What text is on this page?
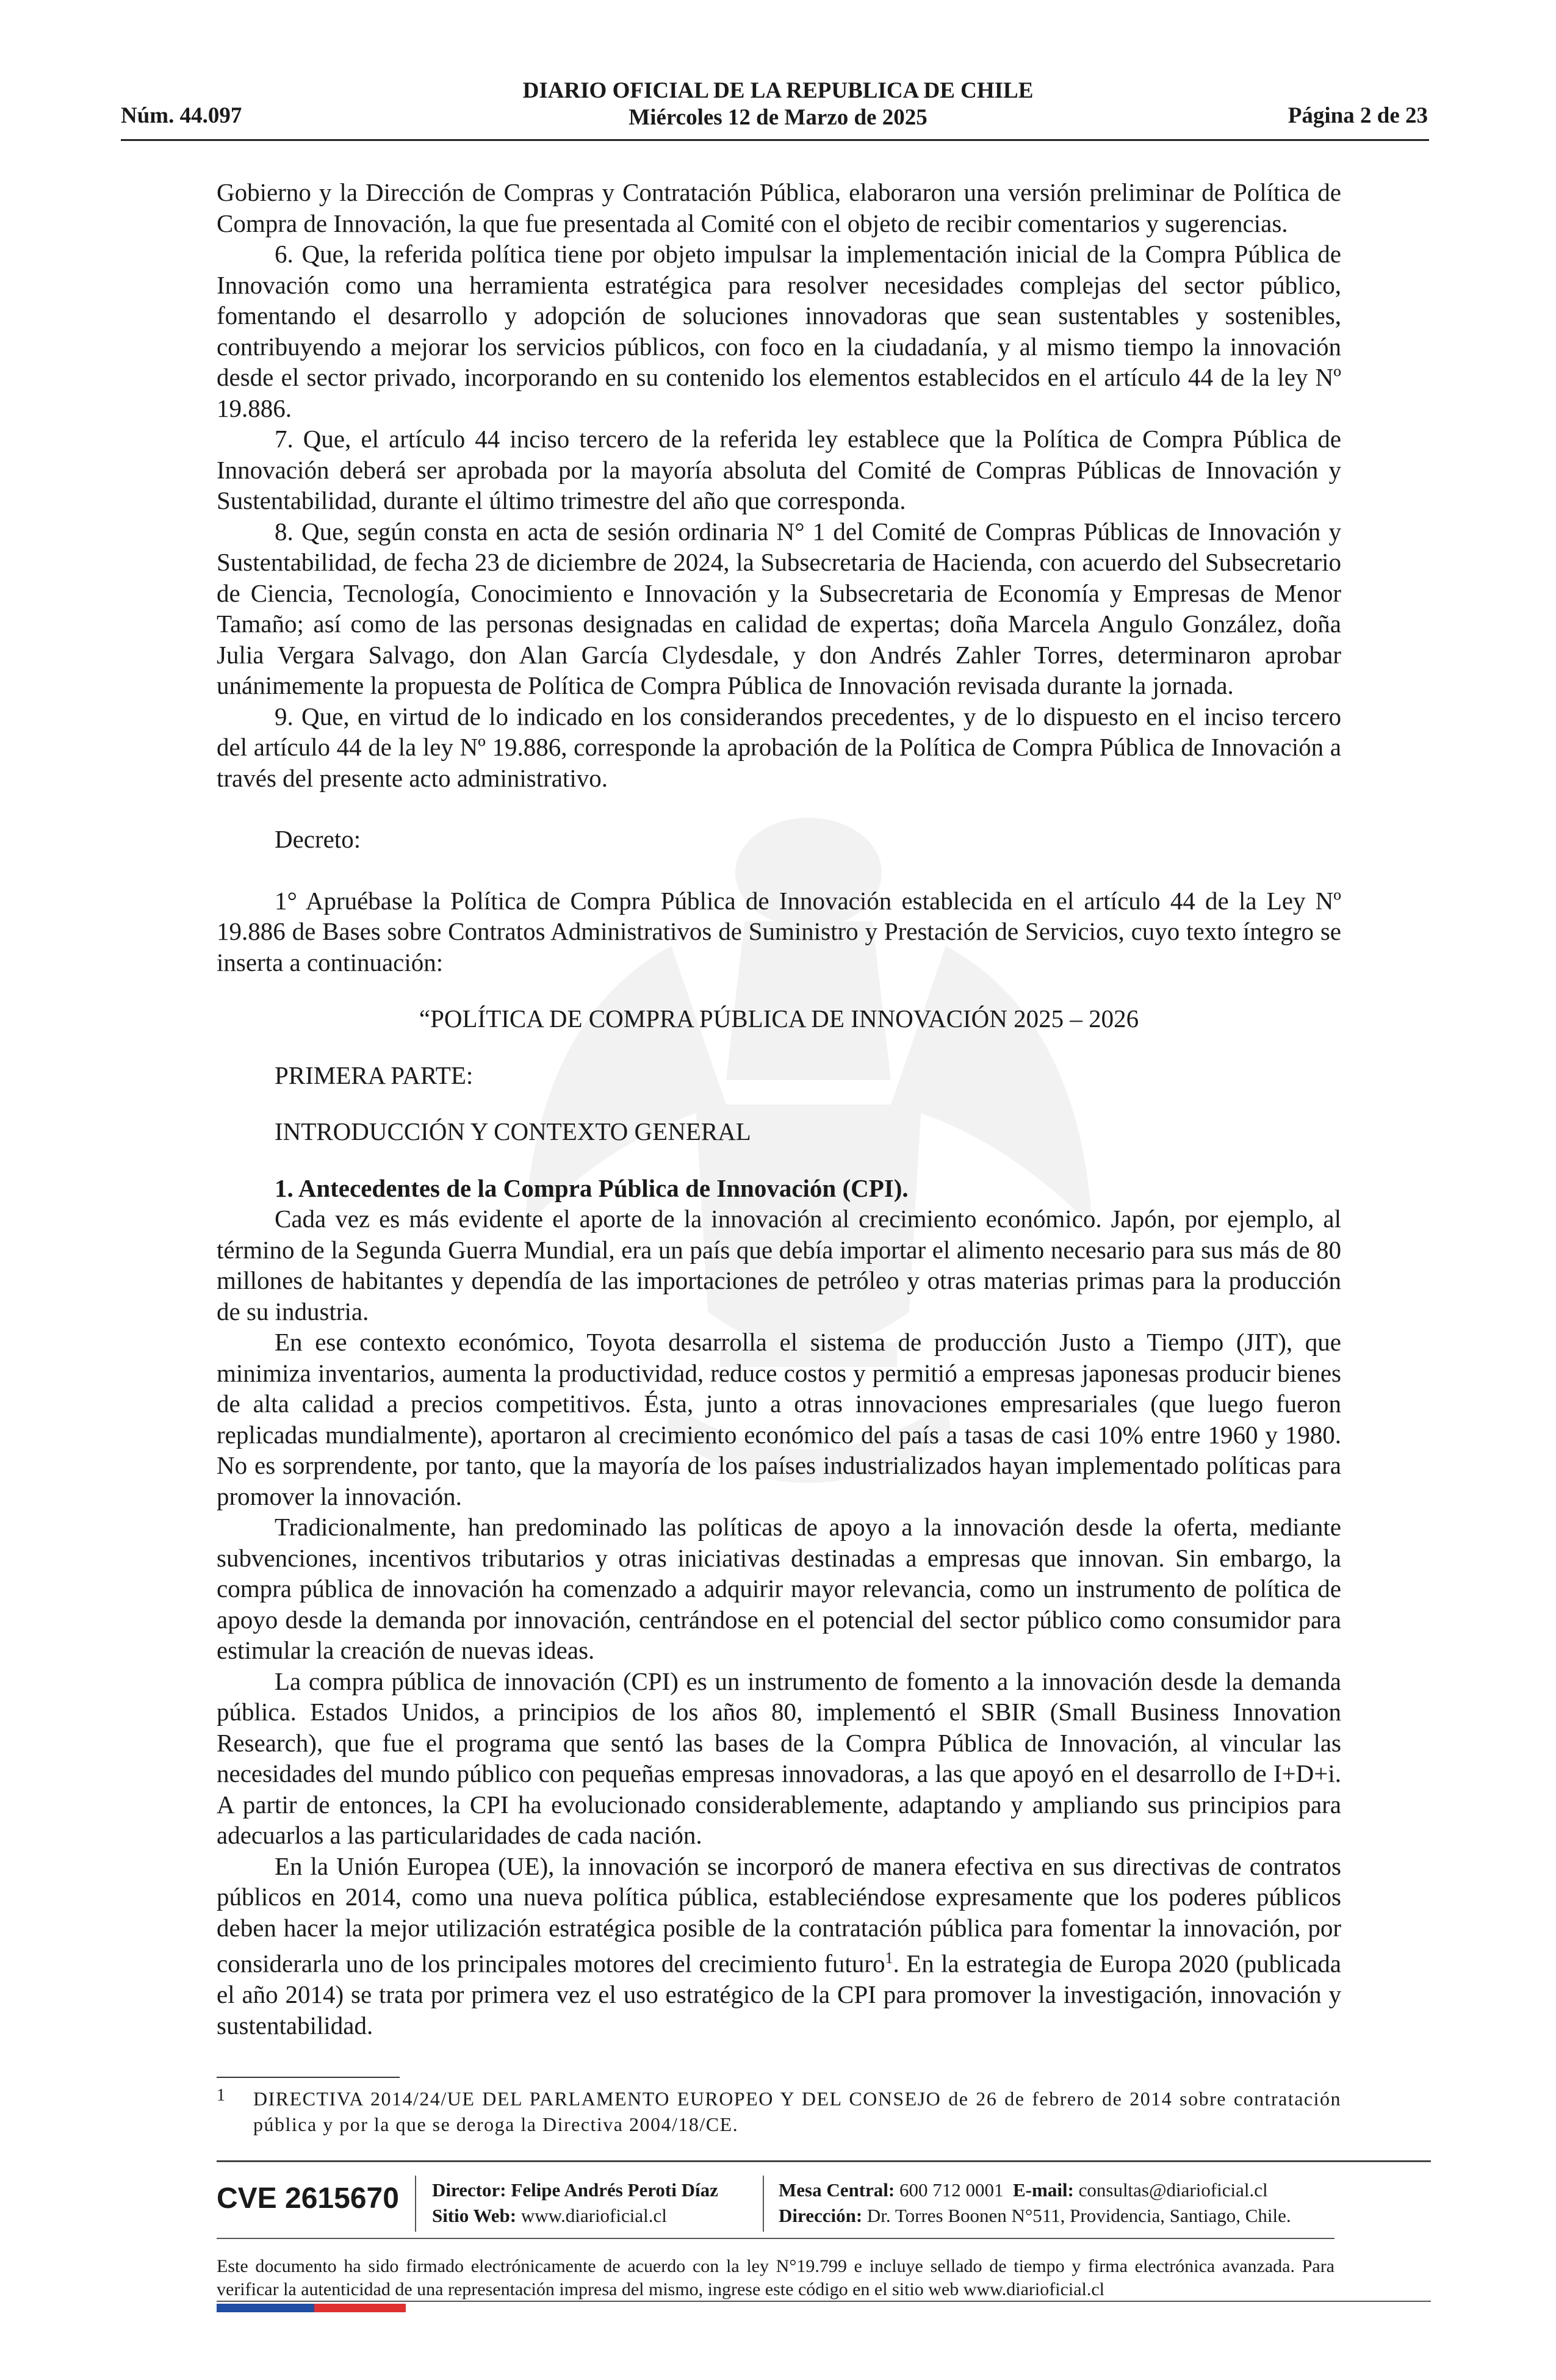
Núm. 44.097
DIARIO OFICIAL DE LA REPUBLICA DE CHILE
Miércoles 12 de Marzo de 2025	Página 2 de 23

Gobierno y la Dirección de Compras y Contratación Pública, elaboraron una versión preliminar de Política de Compra de Innovación, la que fue presentada al Comité con el objeto de recibir comentarios y sugerencias.

6. Que, la referida política tiene por objeto impulsar la implementación inicial de la Compra Pública de Innovación como una herramienta estratégica para resolver necesidades complejas del sector público, fomentando el desarrollo y adopción de soluciones innovadoras que sean sustentables y sostenibles, contribuyendo a mejorar los servicios públicos, con foco en la ciudadanía, y al mismo tiempo la innovación desde el sector privado, incorporando en su contenido los elementos establecidos en el artículo 44 de la ley Nº 19.886.

7. Que, el artículo 44 inciso tercero de la referida ley establece que la Política de Compra Pública de Innovación deberá ser aprobada por la mayoría absoluta del Comité de Compras Públicas de Innovación y Sustentabilidad, durante el último trimestre del año que corresponda.

8. Que, según consta en acta de sesión ordinaria N° 1 del Comité de Compras Públicas de Innovación y Sustentabilidad, de fecha 23 de diciembre de 2024, la Subsecretaria de Hacienda, con acuerdo del Subsecretario de Ciencia, Tecnología, Conocimiento e Innovación y la Subsecretaria de Economía y Empresas de Menor Tamaño; así como de las personas designadas en calidad de expertas; doña Marcela Angulo González, doña Julia Vergara Salvago, don Alan García Clydesdale, y don Andrés Zahler Torres, determinaron aprobar unánimemente la propuesta de Política de Compra Pública de Innovación revisada durante la jornada.

9. Que, en virtud de lo indicado en los considerandos precedentes, y de lo dispuesto en el inciso tercero del artículo 44 de la ley Nº 19.886, corresponde la aprobación de la Política de Compra Pública de Innovación a través del presente acto administrativo.

Decreto:

1° Apruébase la Política de Compra Pública de Innovación establecida en el artículo 44 de la Ley Nº 19.886 de Bases sobre Contratos Administrativos de Suministro y Prestación de Servicios, cuyo texto íntegro se inserta a continuación:

“POLÍTICA DE COMPRA PÚBLICA DE INNOVACIÓN 2025 – 2026

PRIMERA PARTE:

INTRODUCCIÓN Y CONTEXTO GENERAL

1. Antecedentes de la Compra Pública de Innovación (CPI).

Cada vez es más evidente el aporte de la innovación al crecimiento económico. Japón, por ejemplo, al término de la Segunda Guerra Mundial, era un país que debía importar el alimento necesario para sus más de 80 millones de habitantes y dependía de las importaciones de petróleo y otras materias primas para la producción de su industria.

En ese contexto económico, Toyota desarrolla el sistema de producción Justo a Tiempo (JIT), que minimiza inventarios, aumenta la productividad, reduce costos y permitió a empresas japonesas producir bienes de alta calidad a precios competitivos. Ésta, junto a otras innovaciones empresariales (que luego fueron replicadas mundialmente), aportaron al crecimiento económico del país a tasas de casi 10% entre 1960 y 1980. No es sorprendente, por tanto, que la mayoría de los países industrializados hayan implementado políticas para promover la innovación.

Tradicionalmente, han predominado las políticas de apoyo a la innovación desde la oferta, mediante subvenciones, incentivos tributarios y otras iniciativas destinadas a empresas que innovan. Sin embargo, la compra pública de innovación ha comenzado a adquirir mayor relevancia, como un instrumento de política de apoyo desde la demanda por innovación, centrándose en el potencial del sector público como consumidor para estimular la creación de nuevas ideas.

La compra pública de innovación (CPI) es un instrumento de fomento a la innovación desde la demanda pública. Estados Unidos, a principios de los años 80, implementó el SBIR (Small Business Innovation Research), que fue el programa que sentó las bases de la Compra Pública de Innovación, al vincular las necesidades del mundo público con pequeñas empresas innovadoras, a las que apoyó en el desarrollo de I+D+i. A partir de entonces, la CPI ha evolucionado considerablemente, adaptando y ampliando sus principios para adecuarlos a las particularidades de cada nación.

En la Unión Europea (UE), la innovación se incorporó de manera efectiva en sus directivas de contratos públicos en 2014, como una nueva política pública, estableciéndose expresamente que los poderes públicos deben hacer la mejor utilización estratégica posible de la contratación pública para fomentar la innovación, por considerarla uno de los principales motores del crecimiento futuro$^1$. En la estrategia de Europa 2020 (publicada el año 2014) se trata por primera vez el uso estratégico de la CPI para promover la investigación, innovación y sustentabilidad.

1 DIRECTIVA 2014/24/UE DEL PARLAMENTO EUROPEO Y DEL CONSEJO de 26 de febrero de 2014 sobre contratación pública y por la que se deroga la Directiva 2004/18/CE.
CVE 2615670 Director: Felipe Andrés Peroti Díaz
Sitio Web: www.diarioficial.cl
Mesa Central: 600 712 0001 E-mail: consultas@diarioficial.cl
Dirección: Dr. Torres Boonen N°511, Providencia, Santiago, Chile.
Este documento ha sido firmado electrónicamente de acuerdo con la ley N°19.799 e incluye sellado de tiempo y firma electrónica avanzada. Para verificar la autenticidad de una representación impresa del mismo, ingrese este código en el sitio web www.diarioficial.cl
